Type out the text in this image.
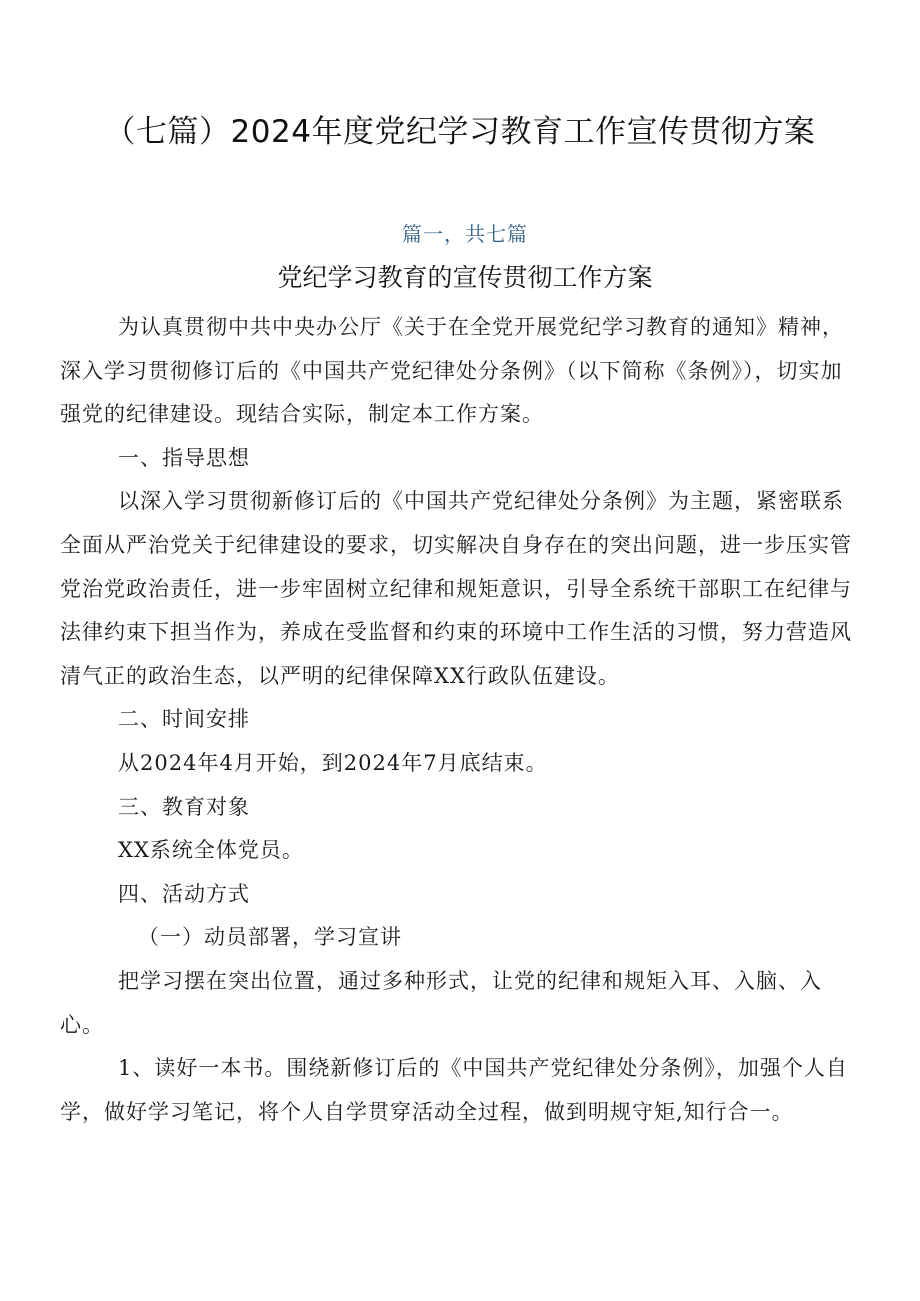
（七篇）2024年度党纪学习教育工作宣传贯彻方案
篇一，共七篇
党纪学习教育的宣传贯彻工作方案

为认真贯彻中共中央办公厅《关于在全党开展党纪学习教育的通知》精神，深入学习贯彻修订后的《中国共产党纪律处分条例》（以下简称《条例》），切实加强党的纪律建设。现结合实际，制定本工作方案。

一、指导思想

以深入学习贯彻新修订后的《中国共产党纪律处分条例》为主题，紧密联系全面从严治党关于纪律建设的要求，切实解决自身存在的突出问题，进一步压实管党治党政治责任，进一步牢固树立纪律和规矩意识，引导全系统干部职工在纪律与法律约束下担当作为，养成在受监督和约束的环境中工作生活的习惯，努力营造风清气正的政治生态，以严明的纪律保障XX行政队伍建设。

二、时间安排

从2024年4月开始，到2024年7月底结束。

三、教育对象

XX系统全体党员。

四、活动方式

（一）动员部署，学习宣讲

把学习摆在突出位置，通过多种形式，让党的纪律和规矩入耳、入脑、入心。

1、读好一本书。围绕新修订后的《中国共产党纪律处分条例》，加强个人自学，做好学习笔记，将个人自学贯穿活动全过程，做到明规守矩,知行合一。
